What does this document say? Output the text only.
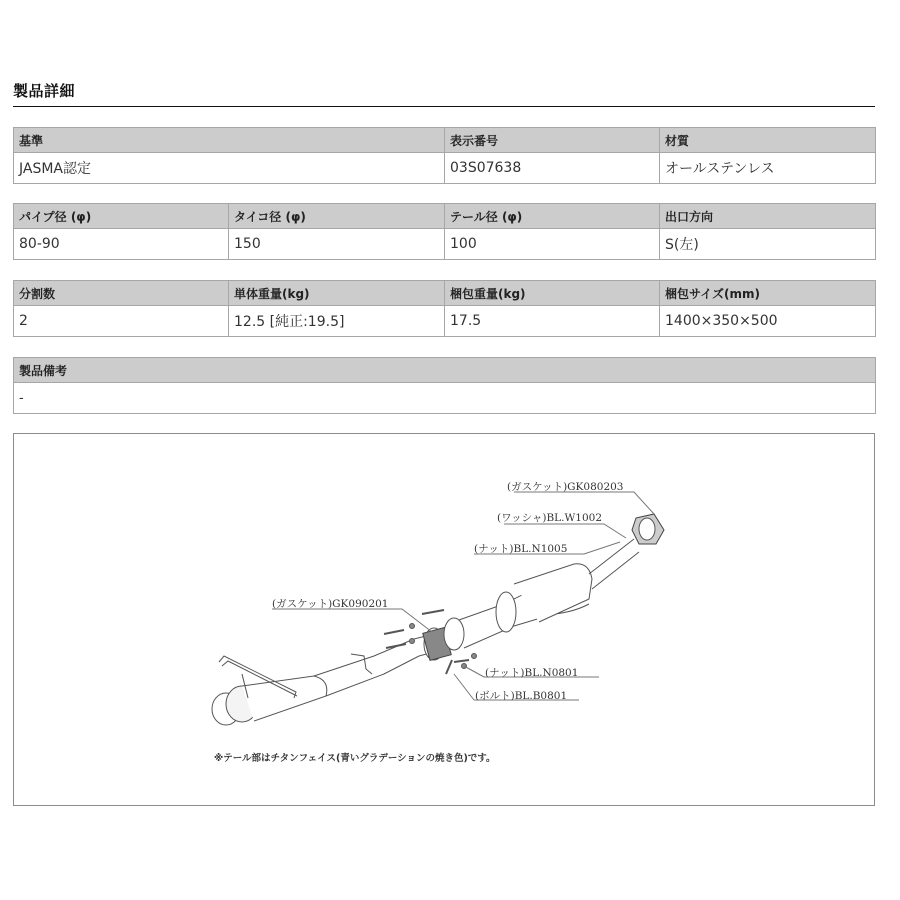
製品詳細
基準	表示番号	材質
JASMA認定	03S07638	オールステンレス
パイプ径 (φ)	タイコ径 (φ)	テール径 (φ)	出口方向
80-90	150	100	S(左)
分割数	単体重量(kg)	梱包重量(kg)	梱包サイズ(mm)
2	12.5 [純正:19.5]	17.5	1400×350×500
製品備考
-
(ガスケット)GK080203
(ワッシャ)BL.W1002
(ナット)BL.N1005
(ガスケット)GK090201
(ナット)BL.N0801
(ボルト)BL.B0801
※テール部はチタンフェイス(青いグラデーションの焼き色)です。
